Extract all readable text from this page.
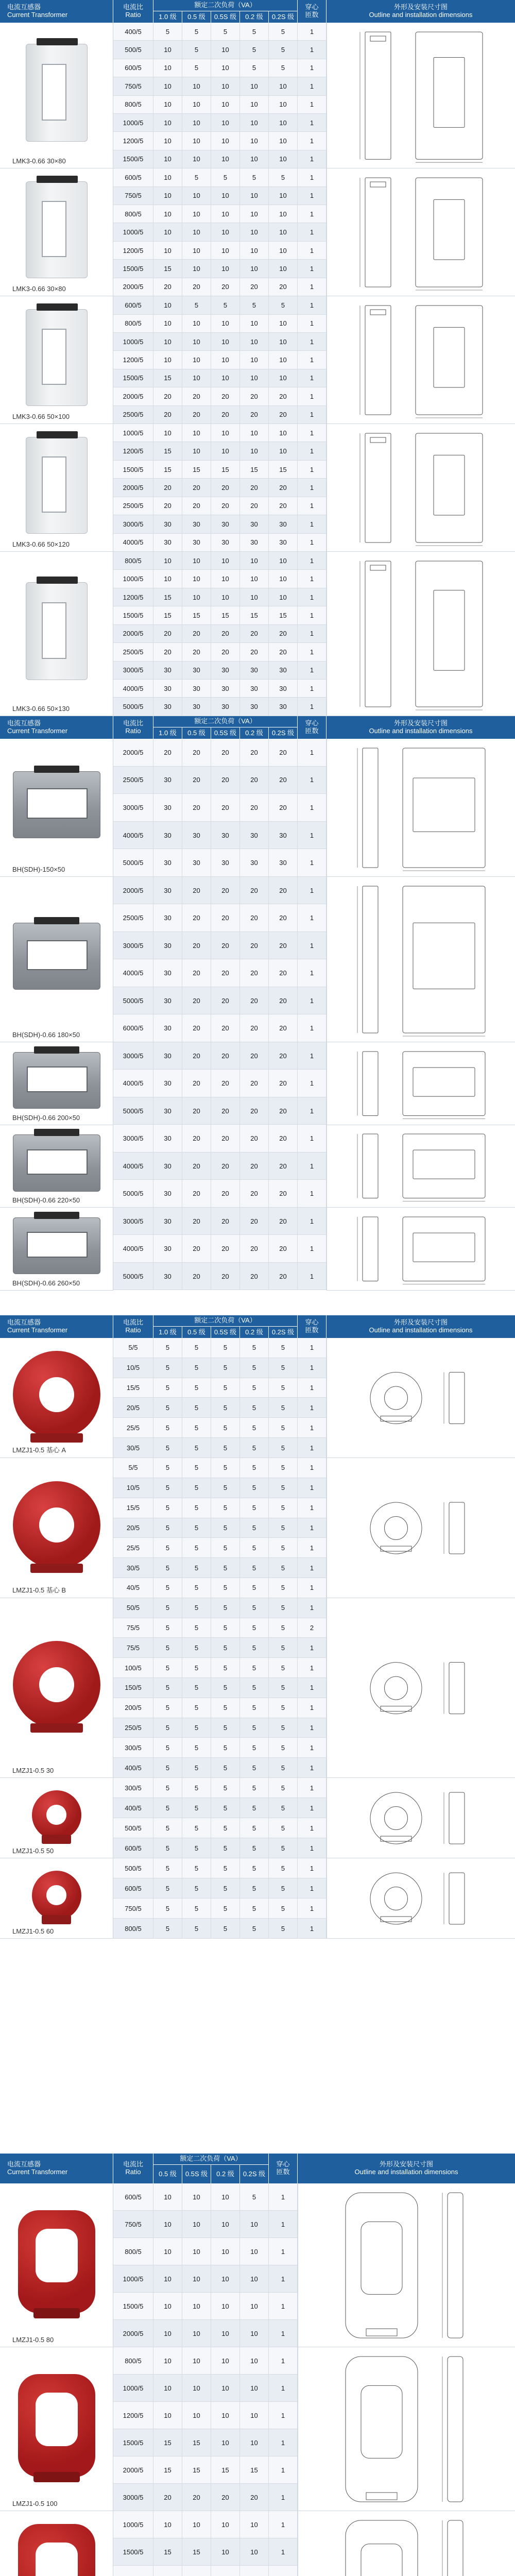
电流互感器
Current Transformer
电流比
Ratio
额定二次负荷（VA）
1.0 级	0.5 级	0.5S 级	0.2 级	0.2S 级
穿心
匝数
外形及安装尺寸图
Outline and installation dimensions
LMK3-0.66 30×80
LMK3-0.66 30×80
LMK3-0.66 50×100
LMK3-0.66 50×120
LMK3-0.66 50×130
400/5	5	5	5	5	5	1
500/5	10	5	10	5	5	1
600/5	10	5	10	5	5	1
750/5	10	10	10	10	10	1
800/5	10	10	10	10	10	1
1000/5	10	10	10	10	10	1
1200/5	10	10	10	10	10	1
1500/5	10	10	10	10	10	1
600/5	10	5	5	5	5	1
750/5	10	10	10	10	10	1
800/5	10	10	10	10	10	1
1000/5	10	10	10	10	10	1
1200/5	10	10	10	10	10	1
1500/5	15	10	10	10	10	1
2000/5	20	20	20	20	20	1
600/5	10	5	5	5	5	1
800/5	10	10	10	10	10	1
1000/5	10	10	10	10	10	1
1200/5	10	10	10	10	10	1
1500/5	15	10	10	10	10	1
2000/5	20	20	20	20	20	1
2500/5	20	20	20	20	20	1
1000/5	10	10	10	10	10	1
1200/5	15	10	10	10	10	1
1500/5	15	15	15	15	15	1
2000/5	20	20	20	20	20	1
2500/5	20	20	20	20	20	1
3000/5	30	30	30	30	30	1
4000/5	30	30	30	30	30	1
800/5	10	10	10	10	10	1
1000/5	10	10	10	10	10	1
1200/5	15	10	10	10	10	1
1500/5	15	15	15	15	15	1
2000/5	20	20	20	20	20	1
2500/5	20	20	20	20	20	1
3000/5	30	30	30	30	30	1
4000/5	30	30	30	30	30	1
5000/5	30	30	30	30	30	1
电流互感器
Current Transformer
电流比
Ratio
额定二次负荷（VA）
1.0 级	0.5 级	0.5S 级	0.2 级	0.2S 级
穿心
匝数
外形及安装尺寸图
Outline and installation dimensions
BH(SDH)-150×50
BH(SDH)-0.66 180×50
BH(SDH)-0.66 200×50
BH(SDH)-0.66 220×50
BH(SDH)-0.66 260×50
2000/5	20	20	20	20	20	1
2500/5	30	20	20	20	20	1
3000/5	30	20	20	20	20	1
4000/5	30	30	30	30	30	1
5000/5	30	30	30	30	30	1
2000/5	30	20	20	20	20	1
2500/5	30	20	20	20	20	1
3000/5	30	20	20	20	20	1
4000/5	30	20	20	20	20	1
5000/5	30	20	20	20	20	1
6000/5	30	20	20	20	20	1
3000/5	30	20	20	20	20	1
4000/5	30	20	20	20	20	1
5000/5	30	20	20	20	20	1
3000/5	30	20	20	20	20	1
4000/5	30	20	20	20	20	1
5000/5	30	20	20	20	20	1
3000/5	30	20	20	20	20	1
4000/5	30	20	20	20	20	1
5000/5	30	20	20	20	20	1
电流互感器
Current Transformer
电流比
Ratio
额定二次负荷（VA）
1.0 级	0.5 级	0.5S 级	0.2 级	0.2S 级
穿心
匝数
外形及安装尺寸图
Outline and installation dimensions
LMZJ1-0.5 基心 A
LMZJ1-0.5 基心 B
LMZJ1-0.5 30
LMZJ1-0.5 50
LMZJ1-0.5 60
5/5	5	5	5	5	5	1
10/5	5	5	5	5	5	1
15/5	5	5	5	5	5	1
20/5	5	5	5	5	5	1
25/5	5	5	5	5	5	1
30/5	5	5	5	5	5	1
5/5	5	5	5	5	5	1
10/5	5	5	5	5	5	1
15/5	5	5	5	5	5	1
20/5	5	5	5	5	5	1
25/5	5	5	5	5	5	1
30/5	5	5	5	5	5	1
40/5	5	5	5	5	5	1
50/5	5	5	5	5	5	1
75/5	5	5	5	5	5	2
75/5	5	5	5	5	5	1
100/5	5	5	5	5	5	1
150/5	5	5	5	5	5	1
200/5	5	5	5	5	5	1
250/5	5	5	5	5	5	1
300/5	5	5	5	5	5	1
400/5	5	5	5	5	5	1
300/5	5	5	5	5	5	1
400/5	5	5	5	5	5	1
500/5	5	5	5	5	5	1
600/5	5	5	5	5	5	1
500/5	5	5	5	5	5	1
600/5	5	5	5	5	5	1
750/5	5	5	5	5	5	1
800/5	5	5	5	5	5	1
电流互感器
Current Transformer
电流比
Ratio
额定二次负荷（VA）
0.5 级	0.5S 级	0.2 级	0.2S 级
穿心
匝数
外形及安装尺寸图
Outline and installation dimensions
LMZJ1-0.5 80
LMZJ1-0.5 100
600/5	10	10	10	5	1
750/5	10	10	10	10	1
800/5	10	10	10	10	1
1000/5	10	10	10	10	1
1500/5	10	10	10	10	1
2000/5	10	10	10	10	1
800/5	10	10	10	10	1
1000/5	10	10	10	10	1
1200/5	10	10	10	10	1
1500/5	15	15	10	10	1
2000/5	15	15	15	15	1
3000/5	20	20	20	20	1
1000/5	10	10	10	10	1
1500/5	15	15	10	10	1
